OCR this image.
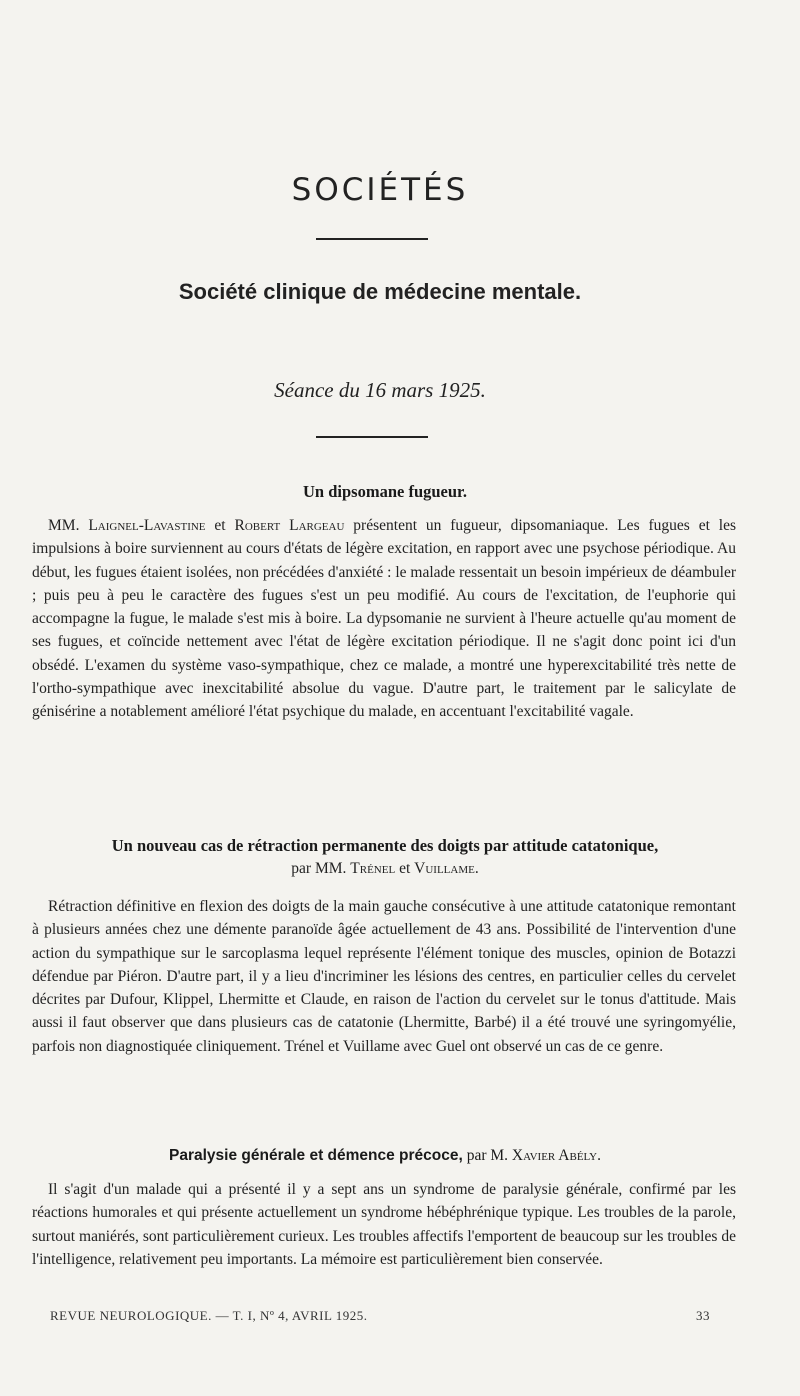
SOCIÉTÉS
Société clinique de médecine mentale.
Séance du 16 mars 1925.
Un dipsomane fugueur.
MM. Laignel-Lavastine et Robert Largeau présentent un fugueur, dipsomaniaque. Les fugues et les impulsions à boire surviennent au cours d'états de légère excitation, en rapport avec une psychose périodique. Au début, les fugues étaient isolées, non précédées d'anxiété : le malade ressentait un besoin impérieux de déambuler ; puis peu à peu le caractère des fugues s'est un peu modifié. Au cours de l'excitation, de l'euphorie qui accompagne la fugue, le malade s'est mis à boire. La dypsomanie ne survient à l'heure actuelle qu'au moment de ses fugues, et coïncide nettement avec l'état de légère excitation périodique. Il ne s'agit donc point ici d'un obsédé. L'examen du système vaso-sympathique, chez ce malade, a montré une hyperexcitabilité très nette de l'ortho-sympathique avec inexcitabilité absolue du vague. D'autre part, le traitement par le salicylate de génisérine a notablement amélioré l'état psychique du malade, en accentuant l'excitabilité vagale.
Un nouveau cas de rétraction permanente des doigts par attitude catatonique,
par MM. Trénel et Vuillame.
Rétraction définitive en flexion des doigts de la main gauche consécutive à une attitude catatonique remontant à plusieurs années chez une démente paranoïde âgée actuellement de 43 ans. Possibilité de l'intervention d'une action du sympathique sur le sarcoplasma lequel représente l'élément tonique des muscles, opinion de Botazzi défendue par Piéron. D'autre part, il y a lieu d'incriminer les lésions des centres, en particulier celles du cervelet décrites par Dufour, Klippel, Lhermitte et Claude, en raison de l'action du cervelet sur le tonus d'attitude. Mais aussi il faut observer que dans plusieurs cas de catatonie (Lhermitte, Barbé) il a été trouvé une syringomyélie, parfois non diagnostiquée cliniquement. Trénel et Vuillame avec Guel ont observé un cas de ce genre.
Paralysie générale et démence précoce, par M. Xavier Abély.
Il s'agit d'un malade qui a présenté il y a sept ans un syndrome de paralysie générale, confirmé par les réactions humorales et qui présente actuellement un syndrome hébéphrénique typique. Les troubles de la parole, surtout maniérés, sont particulièrement curieux. Les troubles affectifs l'emportent de beaucoup sur les troubles de l'intelligence, relativement peu importants. La mémoire est particulièrement bien conservée.
REVUE NEUROLOGIQUE. — T. I, Nº 4, AVRIL 1925.	33
